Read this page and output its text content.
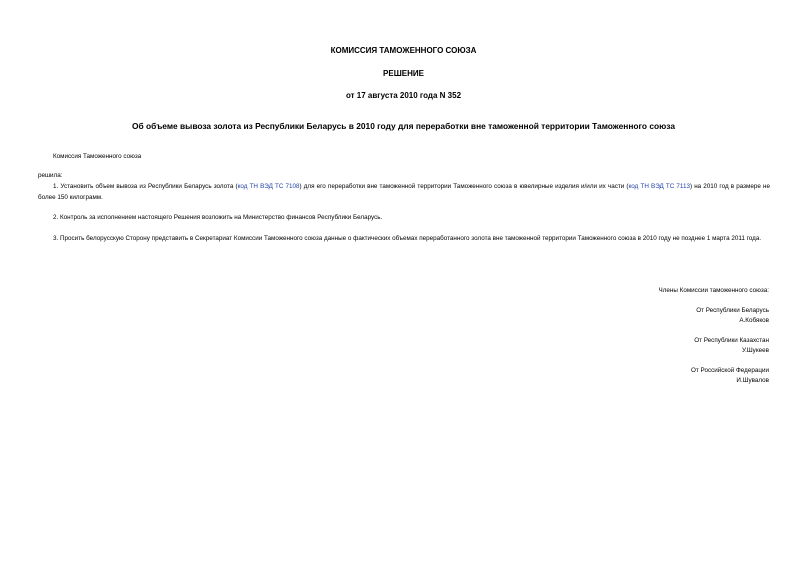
КОМИССИЯ ТАМОЖЕННОГО СОЮЗА
РЕШЕНИЕ
от 17 августа 2010 года N 352
Об объеме вывоза золота из Республики Беларусь в 2010 году для переработки вне таможенной территории Таможенного союза
Комиссия Таможенного союза
решила:
1. Установить объем вывоза из Республики Беларусь золота (код ТН ВЭД ТС 7108) для его переработки вне таможенной территории Таможенного союза в ювелирные изделия и/или их части (код ТН ВЭД ТС 7113) на 2010 год в размере не более 150 килограмм.
2. Контроль за исполнением настоящего Решения возложить на Министерство финансов Республики Беларусь.
3. Просить белорусскую Сторону представить в Секретариат Комиссии Таможенного союза данные о фактических объемах переработанного золота вне таможенной территории Таможенного союза в 2010 году не позднее 1 марта 2011 года.
Члены Комиссии таможенного союза:
От Республики Беларусь
А.Кобяков
От Республики Казахстан
У.Шукеев
От Российской Федерации
И.Шувалов
